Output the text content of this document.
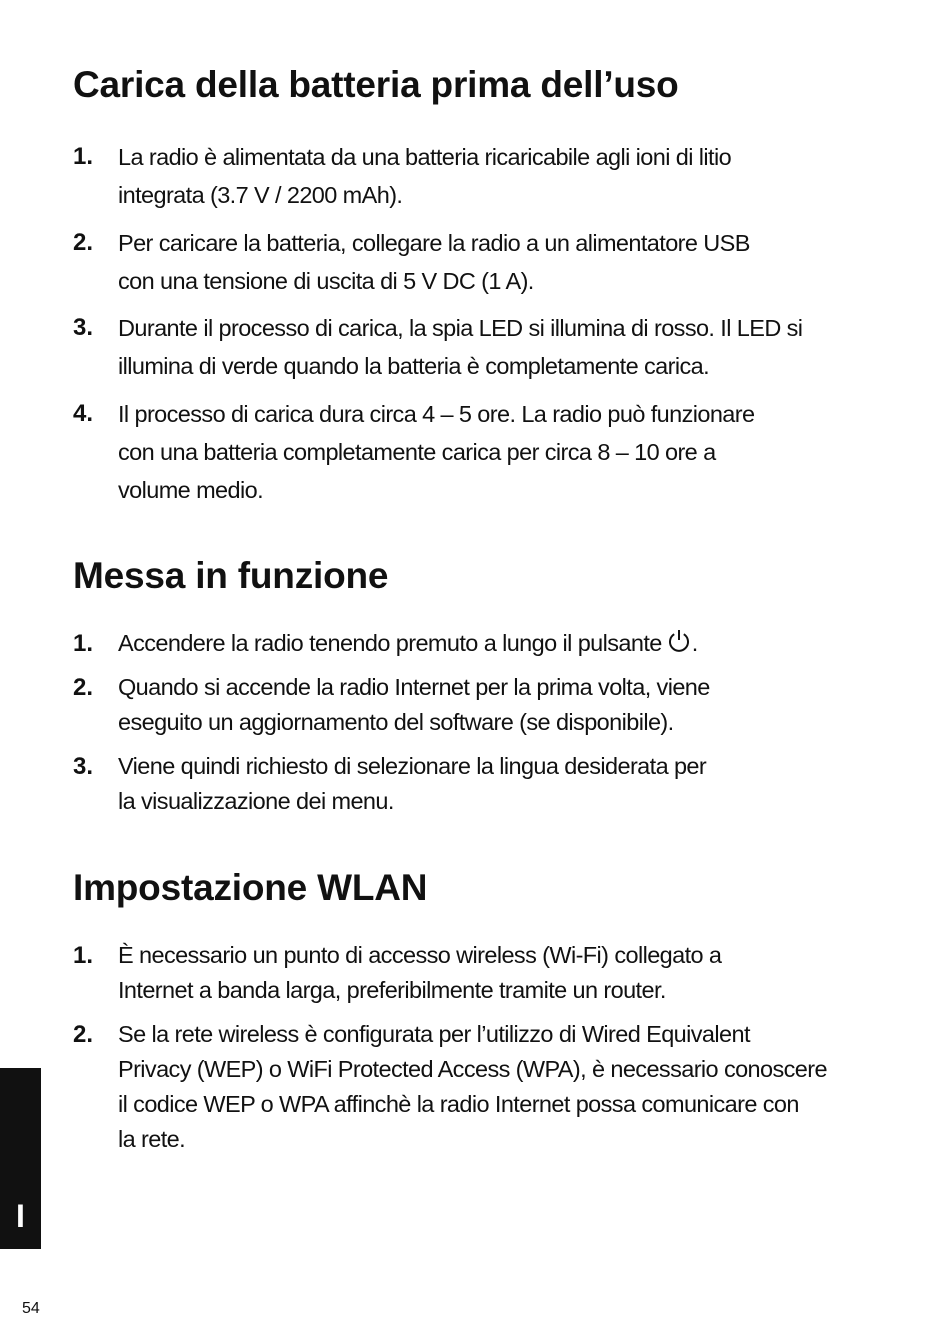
Carica della batteria prima dell’uso
1. La radio è alimentata da una batteria ricaricabile agli ioni di litio
integrata (3.7 V / 2200 mAh).
2. Per caricare la batteria, collegare la radio a un alimentatore USB
con una tensione di uscita di 5 V DC (1 A).
3. Durante il processo di carica, la spia LED si illumina di rosso. Il LED si
illumina di verde quando la batteria è completamente carica.
4. Il processo di carica dura circa 4 – 5 ore. La radio può funzionare
con una batteria completamente carica per circa 8 – 10 ore a
volume medio.
Messa in funzione
1. Accendere la radio tenendo premuto a lungo il pulsante .
2. Quando si accende la radio Internet per la prima volta, viene
eseguito un aggiornamento del software (se disponibile).
3. Viene quindi richiesto di selezionare la lingua desiderata per
la visualizzazione dei menu.
Impostazione WLAN
1. È necessario un punto di accesso wireless (Wi-Fi) collegato a
Internet a banda larga, preferibilmente tramite un router.
2. Se la rete wireless è configurata per l’utilizzo di Wired Equivalent
Privacy (WEP) o WiFi Protected Access (WPA), è necessario conoscere
il codice WEP o WPA affinchè la radio Internet possa comunicare con
la rete.
I
54
